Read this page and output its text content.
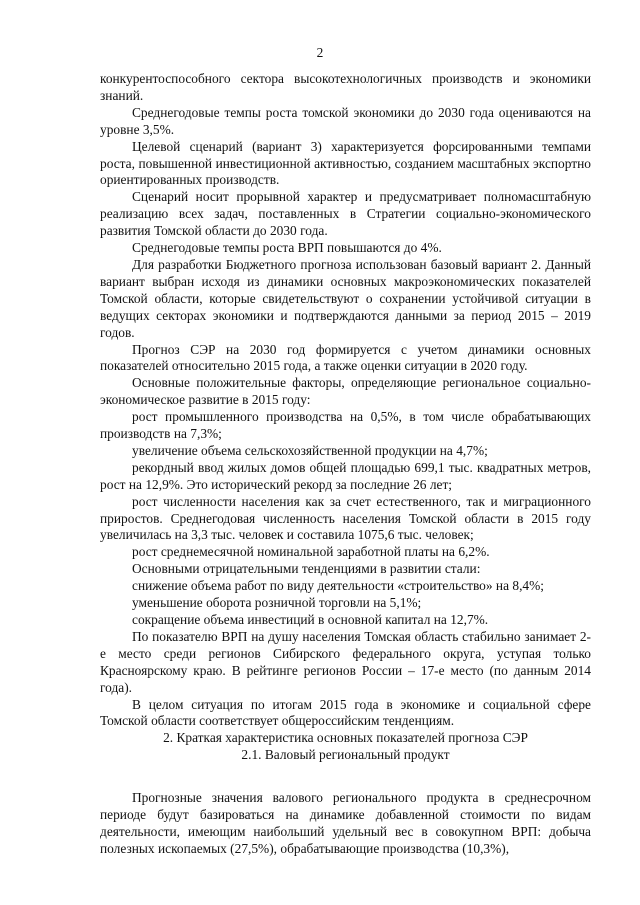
2

конкурентоспособного сектора высокотехнологичных производств и экономики знаний.

Среднегодовые темпы роста томской экономики до 2030 года оцениваются на уровне 3,5%.

Целевой сценарий (вариант 3) характеризуется форсированными темпами роста, повышенной инвестиционной активностью, созданием масштабных экспортно ориентированных производств.

Сценарий носит прорывной характер и предусматривает полномасштабную реализацию всех задач, поставленных в Стратегии социально-экономического развития Томской области до 2030 года.

Среднегодовые темпы роста ВРП повышаются до 4%.

Для разработки Бюджетного прогноза использован базовый вариант 2. Данный вариант выбран исходя из динамики основных макроэкономических показателей Томской области, которые свидетельствуют о сохранении устойчивой ситуации в ведущих секторах экономики и подтверждаются данными за период 2015 – 2019 годов.

Прогноз СЭР на 2030 год формируется с учетом динамики основных показателей относительно 2015 года, а также оценки ситуации в 2020 году.

Основные положительные факторы, определяющие региональное социально-экономическое развитие в 2015 году:

рост промышленного производства на 0,5%, в том числе обрабатывающих производств на 7,3%;

увеличение объема сельскохозяйственной продукции на 4,7%;

рекордный ввод жилых домов общей площадью 699,1 тыс. квадратных метров, рост на 12,9%. Это исторический рекорд за последние 26 лет;

рост численности населения как за счет естественного, так и миграционного приростов. Среднегодовая численность населения Томской области в 2015 году увеличилась на 3,3 тыс. человек и составила 1075,6 тыс. человек;

рост среднемесячной номинальной заработной платы на 6,2%.

Основными отрицательными тенденциями в развитии стали:

снижение объема работ по виду деятельности «строительство» на 8,4%;

уменьшение оборота розничной торговли на 5,1%;

сокращение объема инвестиций в основной капитал на 12,7%.

По показателю ВРП на душу населения Томская область стабильно занимает 2-е место среди регионов Сибирского федерального округа, уступая только Красноярскому краю. В рейтинге регионов России – 17-е место (по данным 2014 года).

В целом ситуация по итогам 2015 года в экономике и социальной сфере Томской области соответствует общероссийским тенденциям.

2. Краткая характеристика основных показателей прогноза СЭР

2.1. Валовый региональный продукт

Прогнозные значения валового регионального продукта в среднесрочном периоде будут базироваться на динамике добавленной стоимости по видам деятельности, имеющим наибольший удельный вес в совокупном ВРП: добыча полезных ископаемых (27,5%), обрабатывающие производства (10,3%),
